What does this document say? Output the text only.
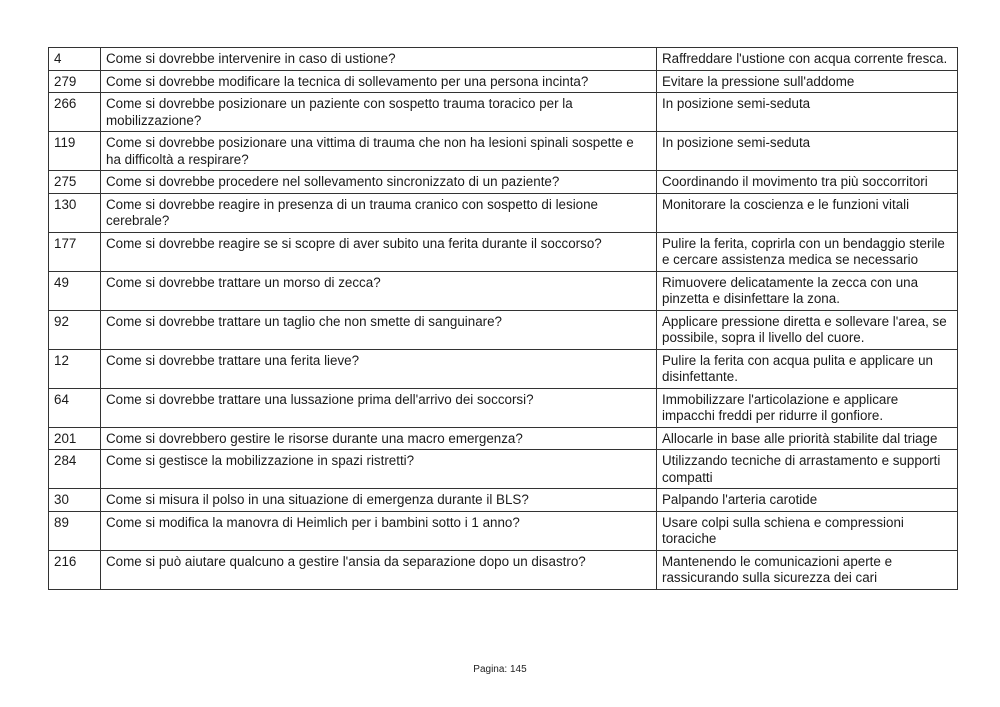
4	Come si dovrebbe intervenire in caso di ustione?	Raffreddare l'ustione con acqua corrente fresca.
279	Come si dovrebbe modificare la tecnica di sollevamento per una persona incinta?	Evitare la pressione sull'addome
266	Come si dovrebbe posizionare un paziente con sospetto trauma toracico per la mobilizzazione?	In posizione semi-seduta
119	Come si dovrebbe posizionare una vittima di trauma che non ha lesioni spinali sospette e ha difficoltà a respirare?	In posizione semi-seduta
275	Come si dovrebbe procedere nel sollevamento sincronizzato di un paziente?	Coordinando il movimento tra più soccorritori
130	Come si dovrebbe reagire in presenza di un trauma cranico con sospetto di lesione cerebrale?	Monitorare la coscienza e le funzioni vitali
177	Come si dovrebbe reagire se si scopre di aver subito una ferita durante il soccorso?	Pulire la ferita, coprirla con un bendaggio sterile e cercare assistenza medica se necessario
49	Come si dovrebbe trattare un morso di zecca?	Rimuovere delicatamente la zecca con una pinzetta e disinfettare la zona.
92	Come si dovrebbe trattare un taglio che non smette di sanguinare?	Applicare pressione diretta e sollevare l'area, se possibile, sopra il livello del cuore.
12	Come si dovrebbe trattare una ferita lieve?	Pulire la ferita con acqua pulita e applicare un disinfettante.
64	Come si dovrebbe trattare una lussazione prima dell'arrivo dei soccorsi?	Immobilizzare l'articolazione e applicare impacchi freddi per ridurre il gonfiore.
201	Come si dovrebbero gestire le risorse durante una macro emergenza?	Allocarle in base alle priorità stabilite dal triage
284	Come si gestisce la mobilizzazione in spazi ristretti?	Utilizzando tecniche di arrastamento e supporti compatti
30	Come si misura il polso in una situazione di emergenza durante il BLS?	Palpando l'arteria carotide
89	Come si modifica la manovra di Heimlich per i bambini sotto i 1 anno?	Usare colpi sulla schiena e compressioni toraciche
216	Come si può aiutare qualcuno a gestire l'ansia da separazione dopo un disastro?	Mantenendo le comunicazioni aperte e rassicurando sulla sicurezza dei cari
Pagina: 145
